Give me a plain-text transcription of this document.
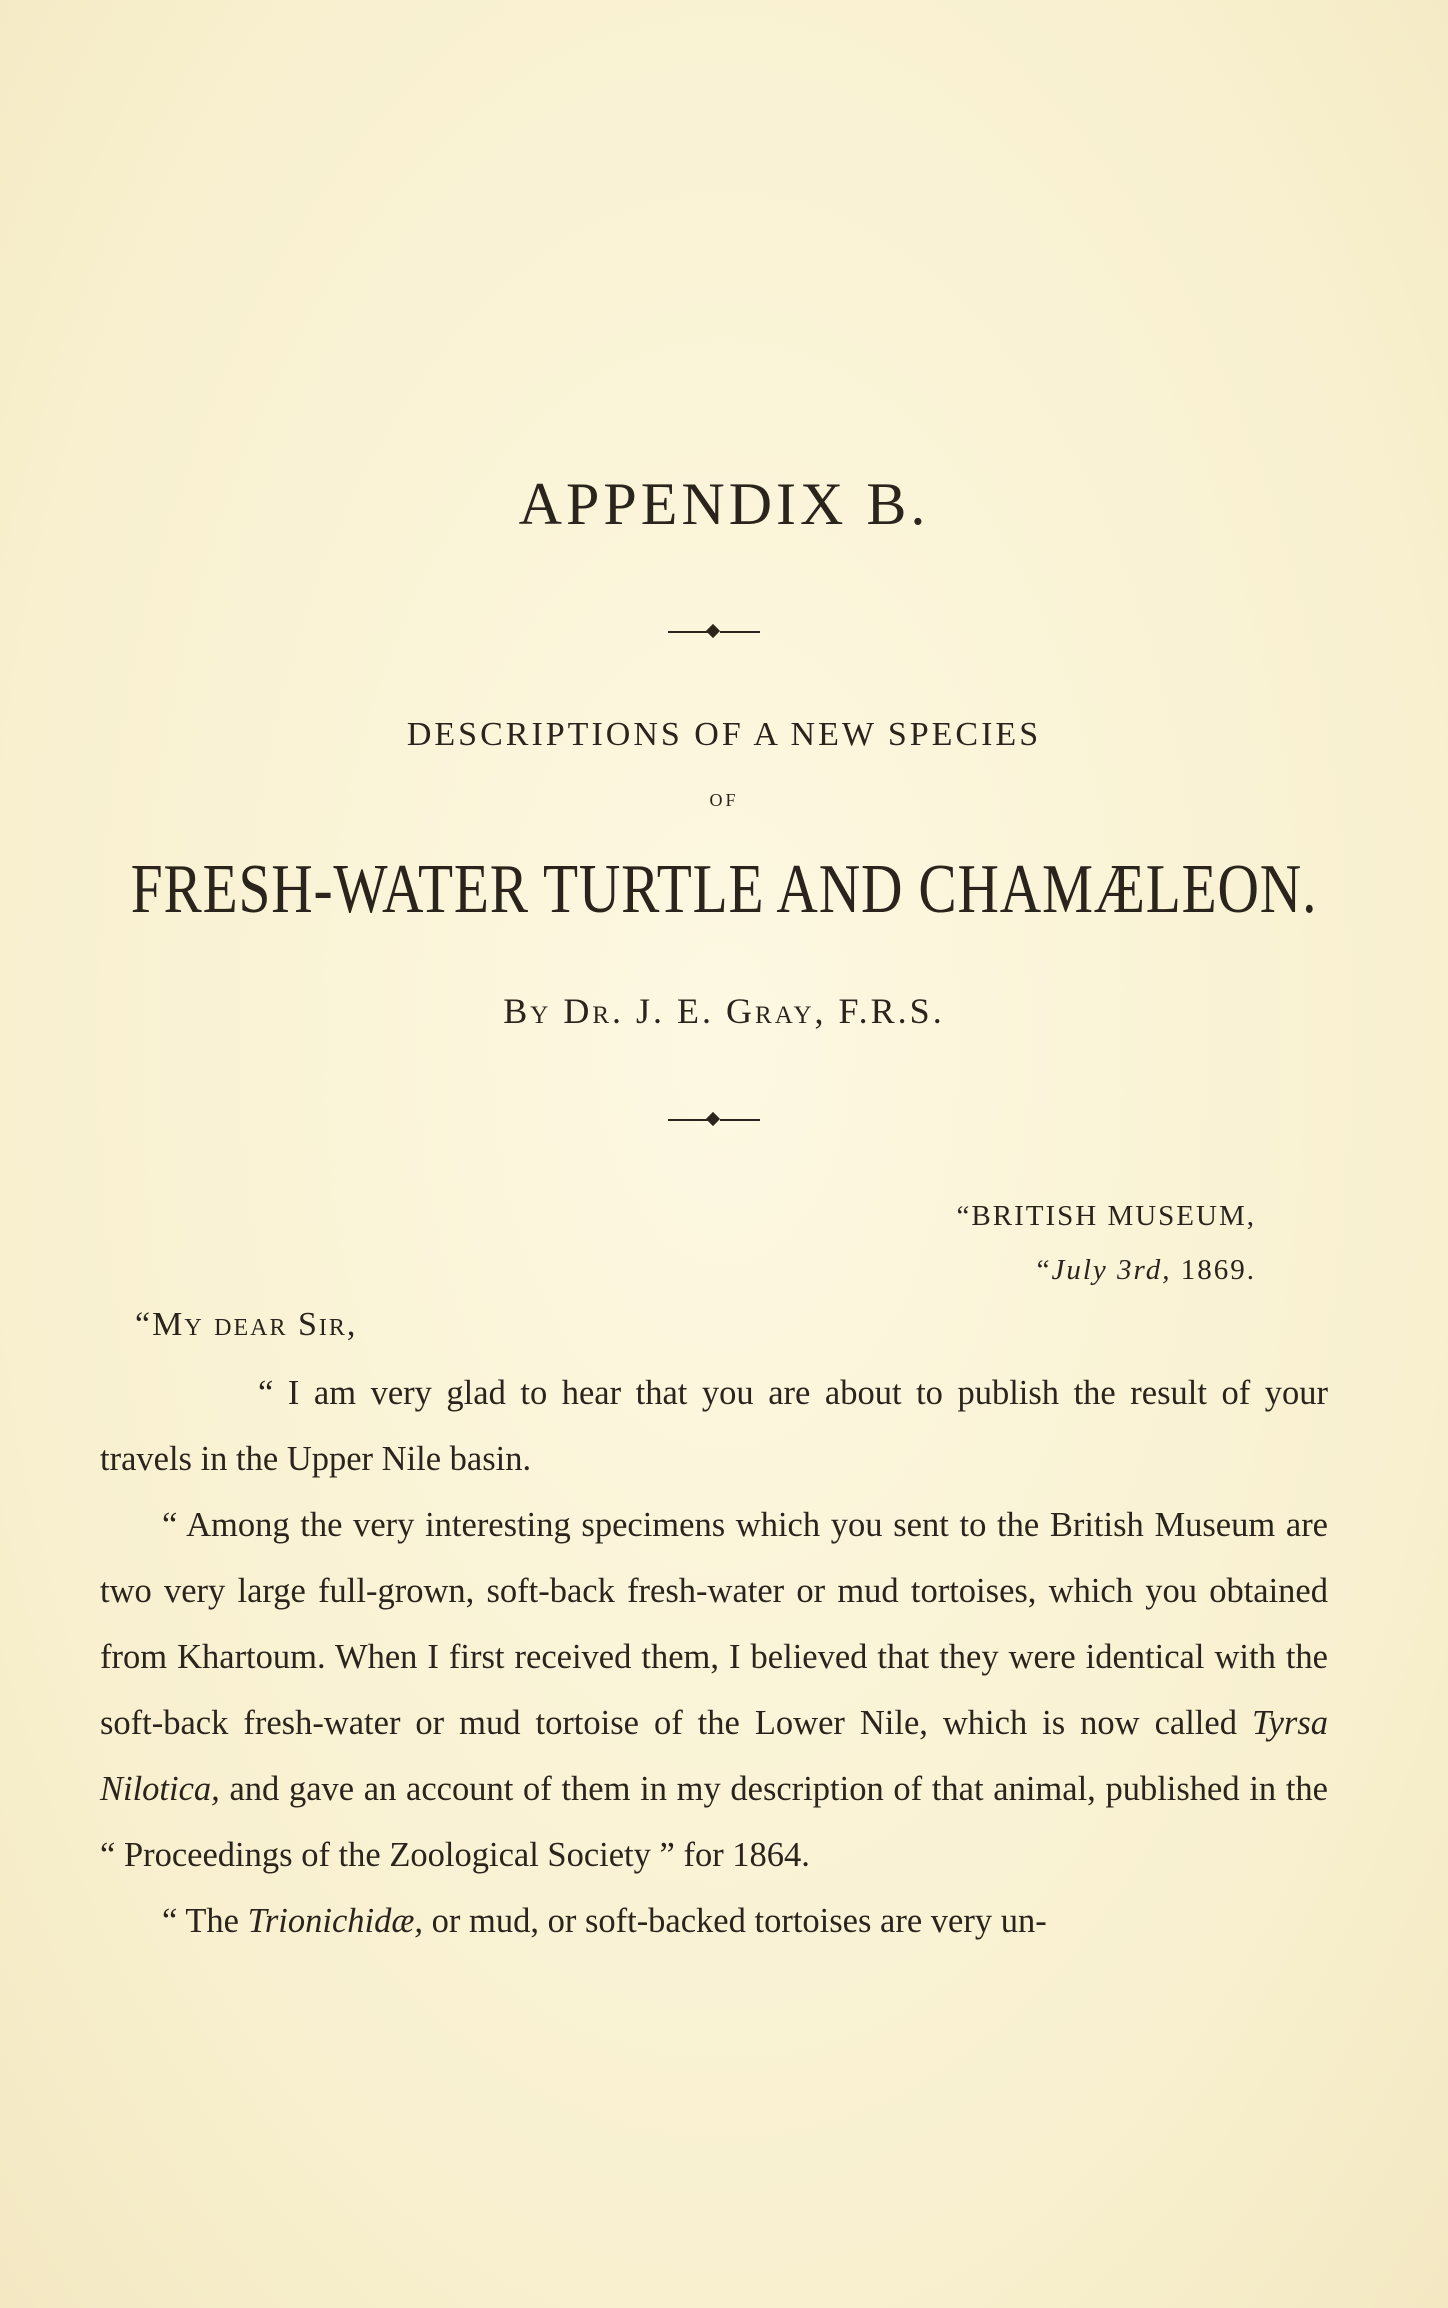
APPENDIX B.
DESCRIPTIONS OF A NEW SPECIES
OF
FRESH-WATER TURTLE AND CHAMÆLEON.
By Dr. J. E. Gray, F.R.S.
“BRITISH MUSEUM,
“July 3rd, 1869.
“My dear Sir,

“ I am very glad to hear that you are about to publish the result of your travels in the Upper Nile basin.

“ Among the very interesting specimens which you sent to the British Museum are two very large full-grown, soft-back fresh-water or mud tortoises, which you obtained from Khartoum. When I first received them, I believed that they were identical with the soft-back fresh-water or mud tortoise of the Lower Nile, which is now called Tyrsa Nilotica, and gave an account of them in my description of that animal, published in the “ Proceedings of the Zoological Society ” for 1864.

“ The Trionichidæ, or mud, or soft-backed tortoises are very un-
